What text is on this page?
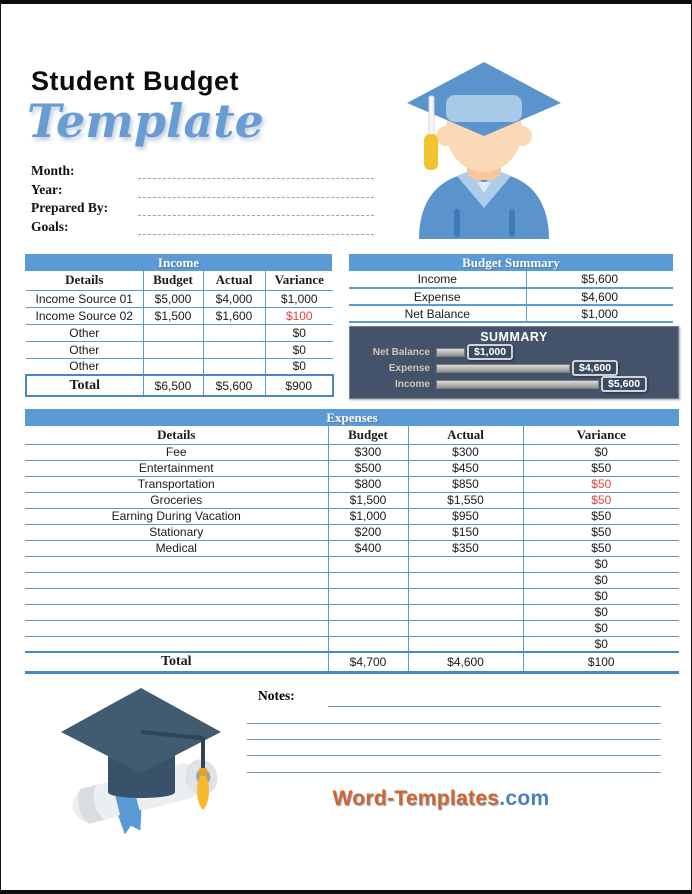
Student Budget
Template
Month:
Year:
Prepared By:
Goals:
Income
Details	Budget	Actual	Variance
Income Source 01	$5,000	$4,000	$1,000
Income Source 02	$1,500	$1,600	$100
Other			$0
Other			$0
Other			$0
Total	$6,500	$5,600	$900
Budget Summary
Income	$5,600
Expense	$4,600
Net Balance	$1,000
SUMMARY
Net Balance	$1,000
Expense	$4,600
Income	$5,600
Expenses
Details	Budget	Actual	Variance
Fee	$300	$300	$0
Entertainment	$500	$450	$50
Transportation	$800	$850	$50
Groceries	$1,500	$1,550	$50
Earning During Vacation	$1,000	$950	$50
Stationary	$200	$150	$50
Medical	$400	$350	$50
			$0
			$0
			$0
			$0
			$0
			$0
Total	$4,700	$4,600	$100
Notes:
Word-Templates.com
